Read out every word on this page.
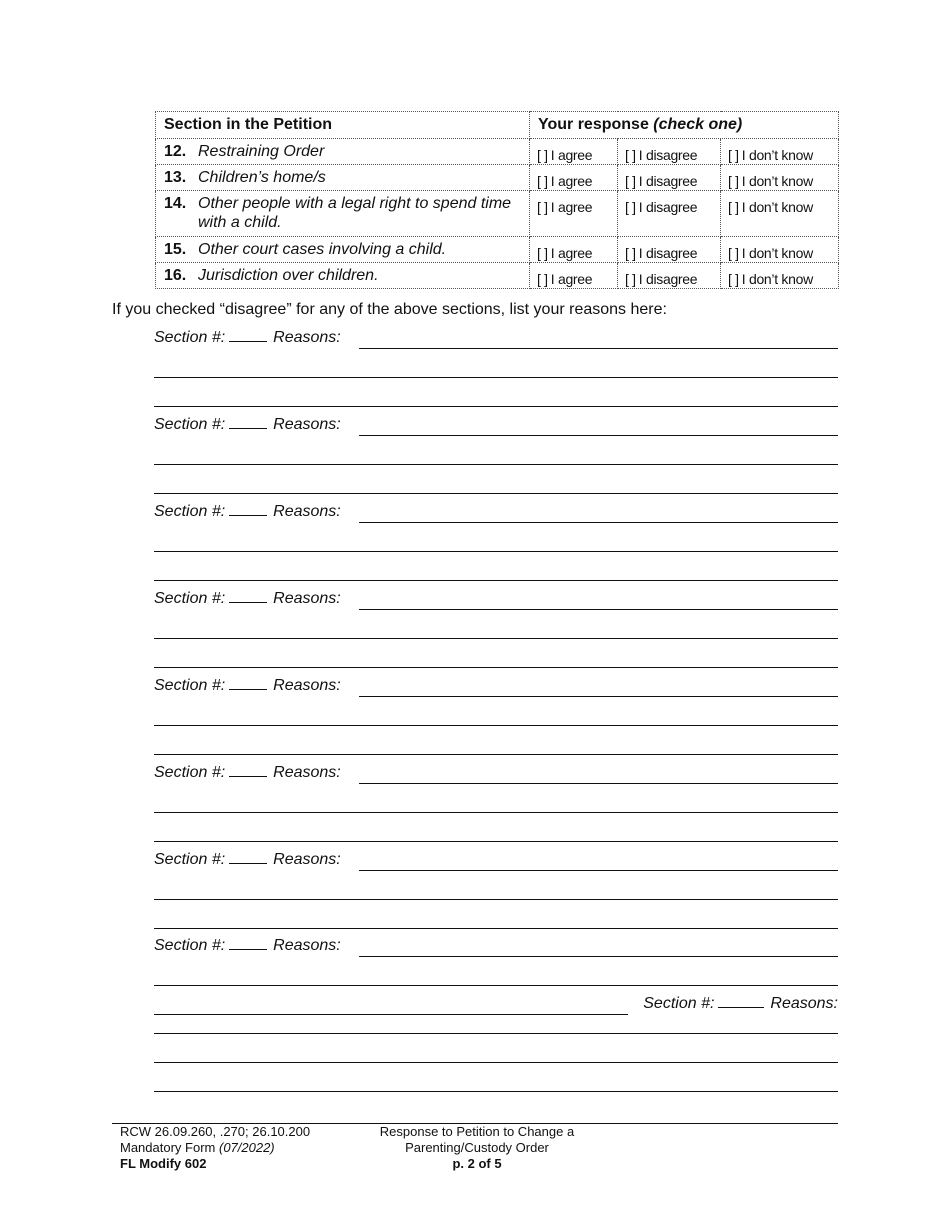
Section in the Petition	Your response (check one)		
12. Restraining Order	[ ] I agree	[ ] I disagree	[ ] I don’t know
13. Children’s home/s	[ ] I agree	[ ] I disagree	[ ] I don’t know
14. Other people with a legal right to spend time with a child.	[ ] I agree	[ ] I disagree	[ ] I don’t know
15. Other court cases involving a child.	[ ] I agree	[ ] I disagree	[ ] I don’t know
16. Jurisdiction over children.	[ ] I agree	[ ] I disagree	[ ] I don’t know
If you checked “disagree” for any of the above sections, list your reasons here:
Section #:	Reasons:
Section #:	Reasons:
Section #:	Reasons:
Section #:	Reasons:
Section #:	Reasons:
Section #:	Reasons:
Section #:	Reasons:
Section #:	Reasons:
Section #:	Reasons:
RCW 26.09.260, .270; 26.10.200
Mandatory Form (07/2022)
FL Modify 602
Response to Petition to Change a
Parenting/Custody Order
p. 2 of 5
